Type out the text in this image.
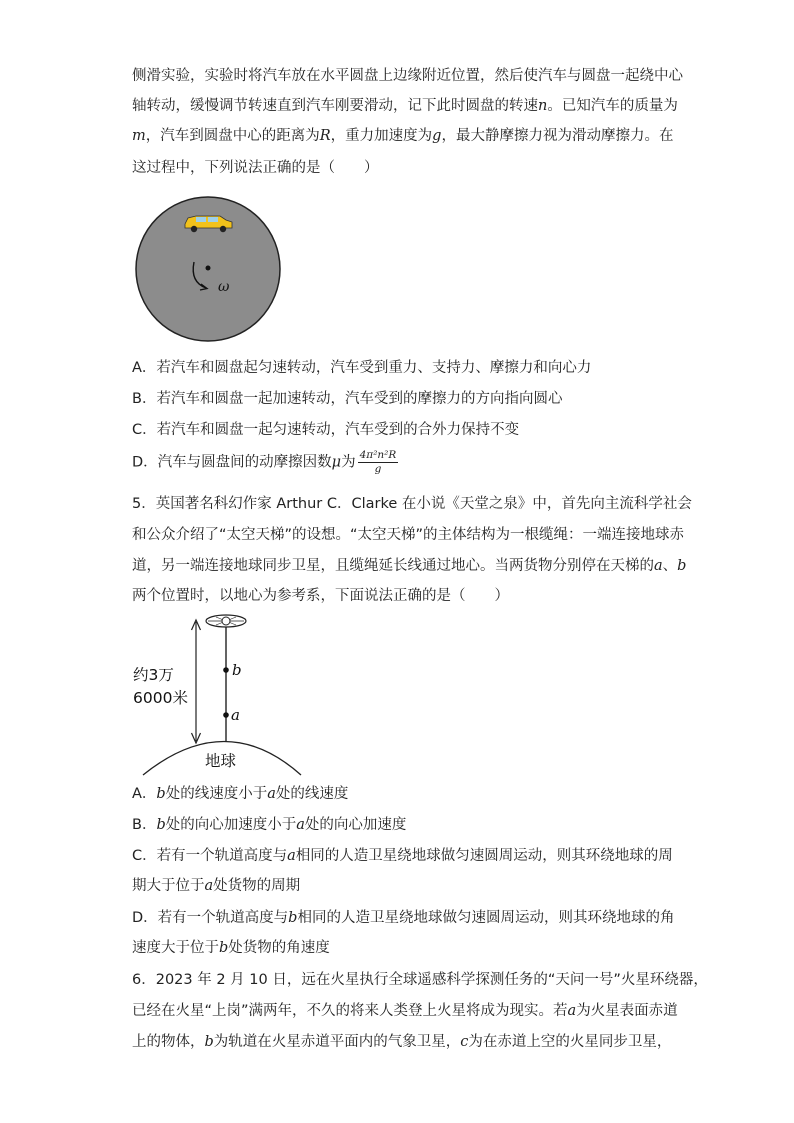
侧滑实验，实验时将汽车放在水平圆盘上边缘附近位置，然后使汽车与圆盘一起绕中心
轴转动，缓慢调节转速直到汽车刚要滑动，记下此时圆盘的转速n。已知汽车的质量为
m，汽车到圆盘中心的距离为R，重力加速度为g，最大静摩擦力视为滑动摩擦力。在
这过程中，下列说法正确的是（　　）
ω
A．若汽车和圆盘起匀速转动，汽车受到重力、支持力、摩擦力和向心力
B．若汽车和圆盘一起加速转动，汽车受到的摩擦力的方向指向圆心
C．若汽车和圆盘一起匀速转动，汽车受到的合外力保持不变
D．汽车与圆盘间的动摩擦因数μ为 $\frac{\text{4π²n²R}}{g}$
5．英国著名科幻作家 Arthur C．Clarke 在小说《天堂之泉》中，首先向主流科学社会
和公众介绍了“太空天梯”的设想。“太空天梯”的主体结构为一根缆绳：一端连接地球赤
道，另一端连接地球同步卫星，且缆绳延长线通过地心。当两货物分别停在天梯的a、b
两个位置时，以地心为参考系，下面说法正确的是（　　）
b
a
约3万
6000米
地球
A．b处的线速度小于a处的线速度
B．b处的向心加速度小于a处的向心加速度
C．若有一个轨道高度与a相同的人造卫星绕地球做匀速圆周运动，则其环绕地球的周
期大于位于a处货物的周期
D．若有一个轨道高度与b相同的人造卫星绕地球做匀速圆周运动，则其环绕地球的角
速度大于位于b处货物的角速度
6．2023 年 2 月 10 日，远在火星执行全球遥感科学探测任务的“天问一号”火星环绕器，
已经在火星“上岗”满两年，不久的将来人类登上火星将成为现实。若a为火星表面赤道
上的物体，b为轨道在火星赤道平面内的气象卫星，c为在赤道上空的火星同步卫星，
